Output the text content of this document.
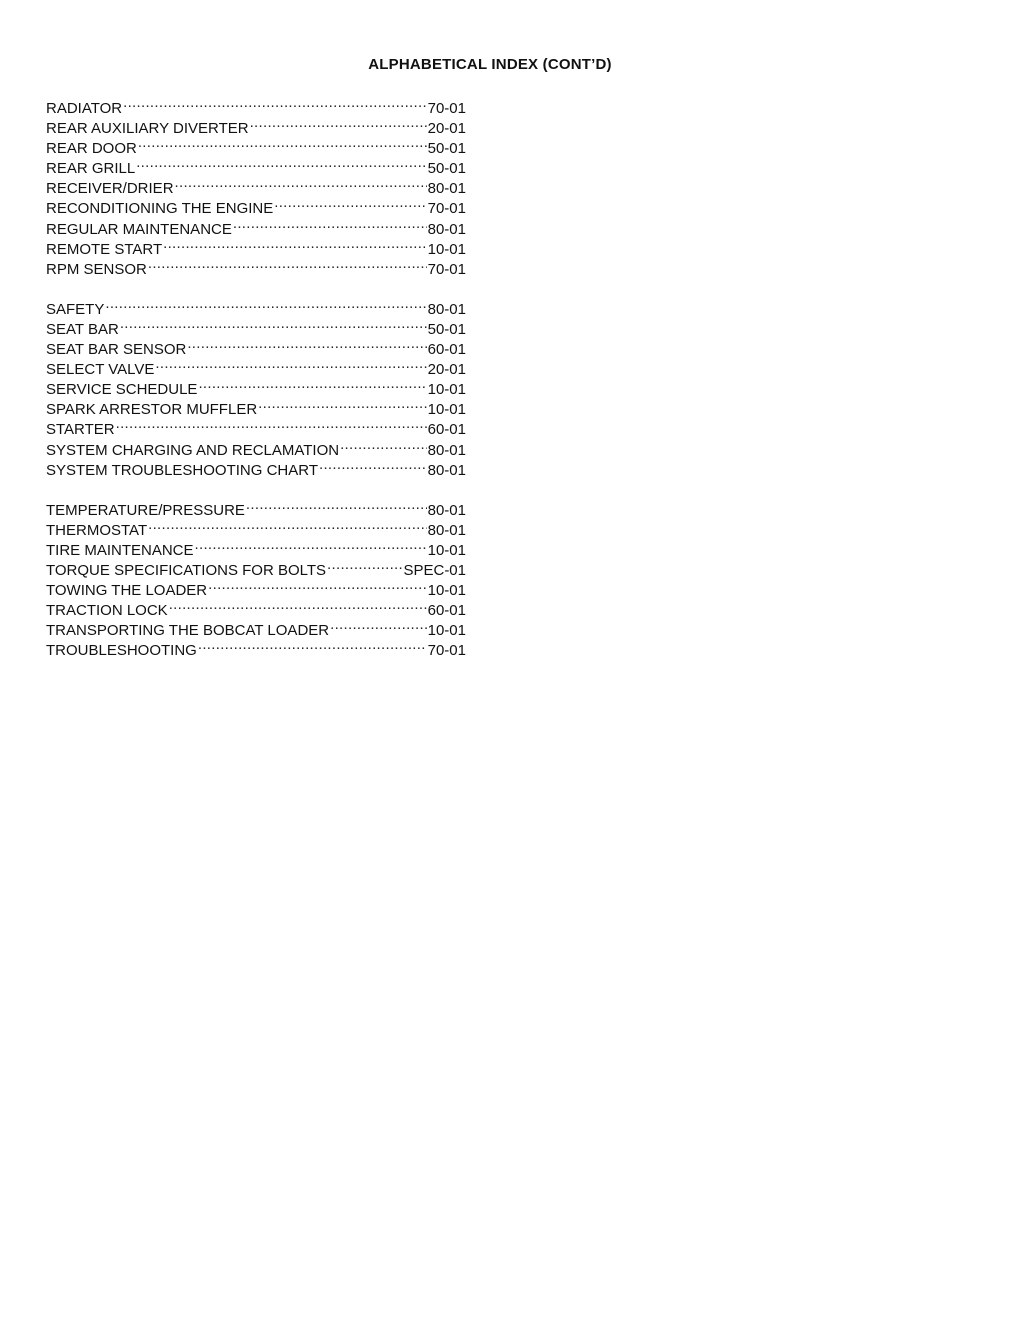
ALPHABETICAL INDEX (CONT’D)
RADIATOR .....	70-01
REAR AUXILIARY DIVERTER .....	20-01
REAR DOOR .....	50-01
REAR GRILL .....	50-01
RECEIVER/DRIER .....	80-01
RECONDITIONING THE ENGINE .....	70-01
REGULAR MAINTENANCE .....	80-01
REMOTE START .....	10-01
RPM SENSOR .....	70-01
SAFETY .....	80-01
SEAT BAR .....	50-01
SEAT BAR SENSOR .....	60-01
SELECT VALVE .....	20-01
SERVICE SCHEDULE .....	10-01
SPARK ARRESTOR MUFFLER .....	10-01
STARTER .....	60-01
SYSTEM CHARGING AND RECLAMATION .....	80-01
SYSTEM TROUBLESHOOTING CHART .....	80-01
TEMPERATURE/PRESSURE .....	80-01
THERMOSTAT .....	80-01
TIRE MAINTENANCE .....	10-01
TORQUE SPECIFICATIONS FOR BOLTS .....	SPEC-01
TOWING THE LOADER .....	10-01
TRACTION LOCK .....	60-01
TRANSPORTING THE BOBCAT LOADER .....	10-01
TROUBLESHOOTING .....	70-01
